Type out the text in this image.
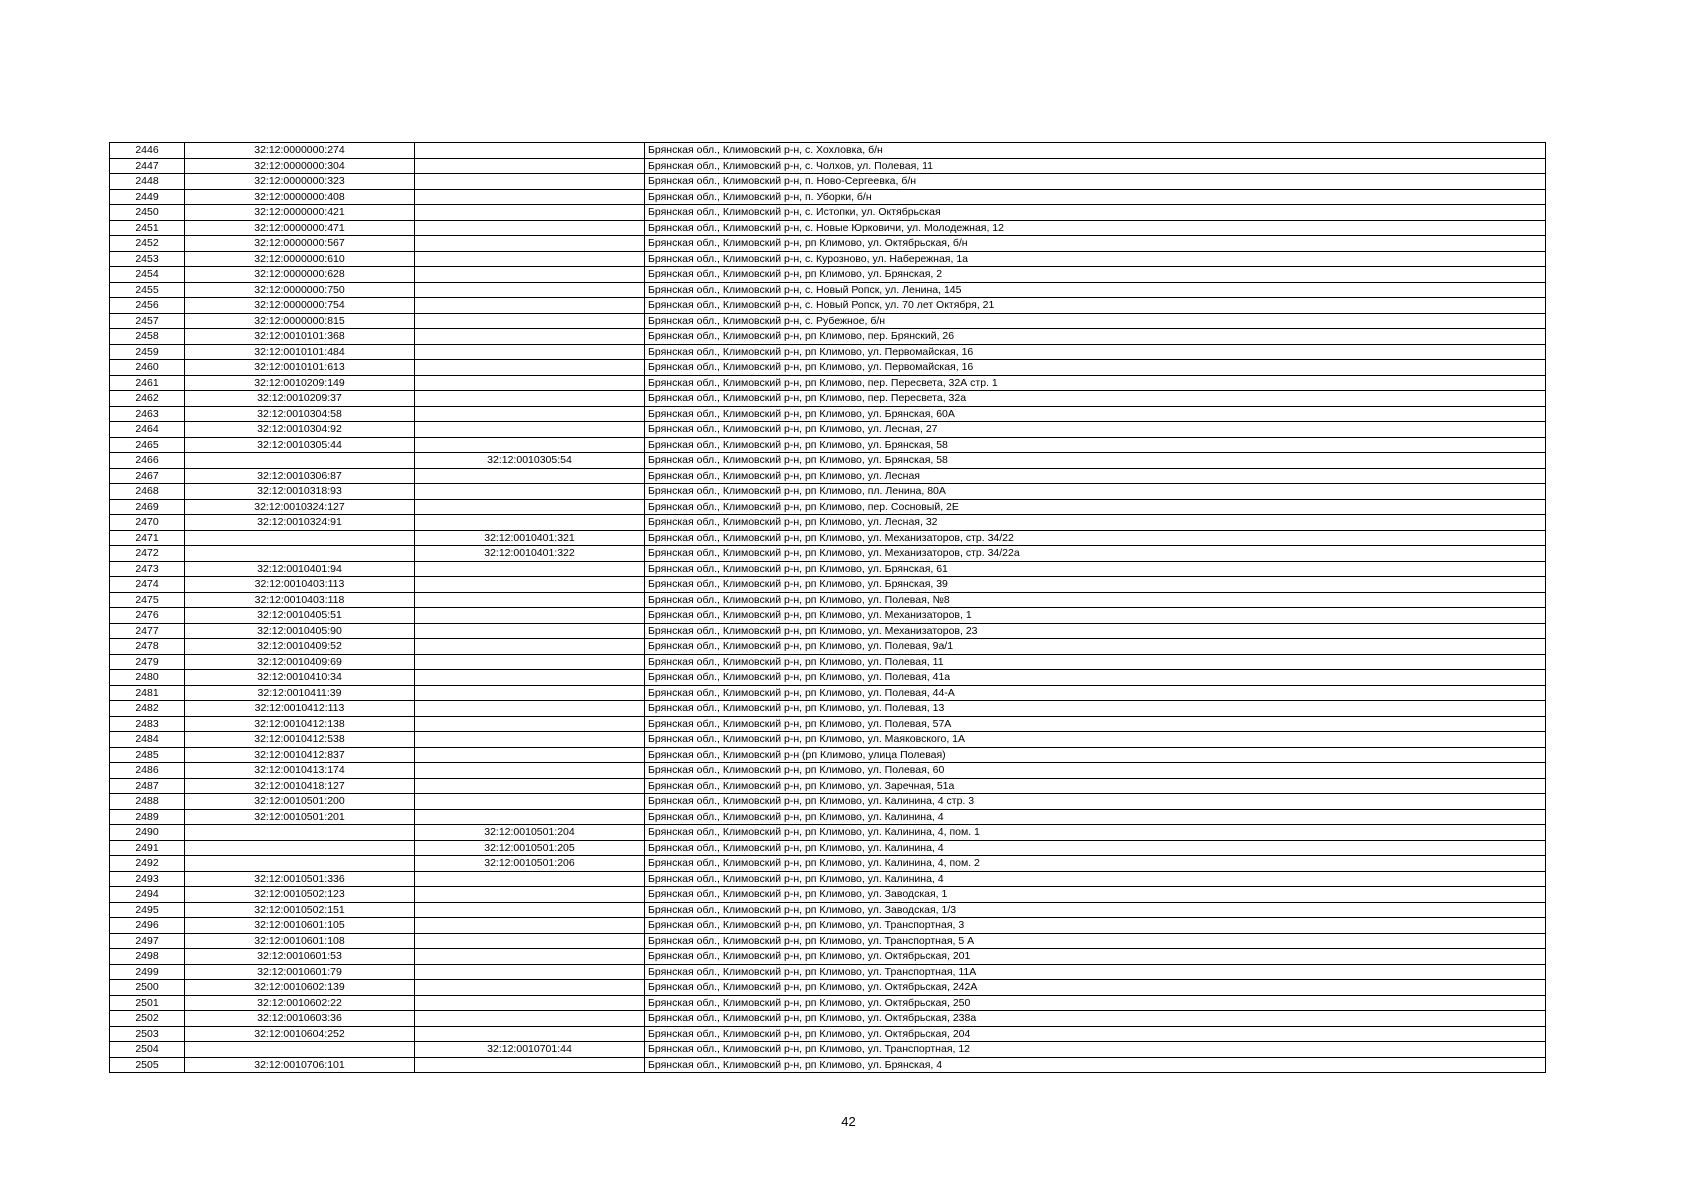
2446	32:12:0000000:274		Брянская обл., Климовский р-н, с. Хохловка, б/н
2447	32:12:0000000:304		Брянская обл., Климовский р-н, с. Чолхов, ул. Полевая, 11
2448	32:12:0000000:323		Брянская обл., Климовский р-н, п. Ново-Сергеевка, б/н
2449	32:12:0000000:408		Брянская обл., Климовский р-н, п. Уборки, б/н
2450	32:12:0000000:421		Брянская обл., Климовский р-н, с. Истопки, ул. Октябрьская
2451	32:12:0000000:471		Брянская обл., Климовский р-н, с. Новые Юрковичи, ул. Молодежная, 12
2452	32:12:0000000:567		Брянская обл., Климовский р-н, рп Климово, ул. Октябрьская, б/н
2453	32:12:0000000:610		Брянская обл., Климовский р-н, с. Курозново, ул. Набережная, 1а
2454	32:12:0000000:628		Брянская обл., Климовский р-н, рп Климово, ул. Брянская, 2
2455	32:12:0000000:750		Брянская обл., Климовский р-н, с. Новый Ропск, ул. Ленина, 145
2456	32:12:0000000:754		Брянская обл., Климовский р-н, с. Новый Ропск, ул. 70 лет Октября, 21
2457	32:12:0000000:815		Брянская обл., Климовский р-н, с. Рубежное, б/н
2458	32:12:0010101:368		Брянская обл., Климовский р-н, рп Климово, пер. Брянский, 26
2459	32:12:0010101:484		Брянская обл., Климовский р-н, рп Климово, ул. Первомайская, 16
2460	32:12:0010101:613		Брянская обл., Климовский р-н, рп Климово, ул. Первомайская, 16
2461	32:12:0010209:149		Брянская обл., Климовский р-н, рп Климово, пер. Пересвета, 32А стр. 1
2462	32:12:0010209:37		Брянская обл., Климовский р-н, рп Климово, пер. Пересвета, 32а
2463	32:12:0010304:58		Брянская обл., Климовский р-н, рп Климово, ул. Брянская, 60А
2464	32:12:0010304:92		Брянская обл., Климовский р-н, рп Климово, ул. Лесная, 27
2465	32:12:0010305:44		Брянская обл., Климовский р-н, рп Климово, ул. Брянская, 58
2466		32:12:0010305:54	Брянская обл., Климовский р-н, рп Климово, ул. Брянская, 58
2467	32:12:0010306:87		Брянская обл., Климовский р-н, рп Климово, ул. Лесная
2468	32:12:0010318:93		Брянская обл., Климовский р-н, рп Климово, пл. Ленина, 80А
2469	32:12:0010324:127		Брянская обл., Климовский р-н, рп Климово, пер. Сосновый, 2Е
2470	32:12:0010324:91		Брянская обл., Климовский р-н, рп Климово, ул. Лесная, 32
2471		32:12:0010401:321	Брянская обл., Климовский р-н, рп Климово, ул. Механизаторов, стр. 34/22
2472		32:12:0010401:322	Брянская обл., Климовский р-н, рп Климово, ул. Механизаторов, стр. 34/22а
2473	32:12:0010401:94		Брянская обл., Климовский р-н, рп Климово, ул. Брянская, 61
2474	32:12:0010403:113		Брянская обл., Климовский р-н, рп Климово, ул. Брянская, 39
2475	32:12:0010403:118		Брянская обл., Климовский р-н, рп Климово, ул. Полевая, №8
2476	32:12:0010405:51		Брянская обл., Климовский р-н, рп Климово, ул. Механизаторов, 1
2477	32:12:0010405:90		Брянская обл., Климовский р-н, рп Климово, ул. Механизаторов, 23
2478	32:12:0010409:52		Брянская обл., Климовский р-н, рп Климово, ул. Полевая, 9а/1
2479	32:12:0010409:69		Брянская обл., Климовский р-н, рп Климово, ул. Полевая, 11
2480	32:12:0010410:34		Брянская обл., Климовский р-н, рп Климово, ул. Полевая, 41а
2481	32:12:0010411:39		Брянская обл., Климовский р-н, рп Климово, ул. Полевая, 44-А
2482	32:12:0010412:113		Брянская обл., Климовский р-н, рп Климово, ул. Полевая, 13
2483	32:12:0010412:138		Брянская обл., Климовский р-н, рп Климово, ул. Полевая, 57А
2484	32:12:0010412:538		Брянская обл., Климовский р-н, рп Климово, ул. Маяковского, 1А
2485	32:12:0010412:837		Брянская обл., Климовский р-н (рп Климово, улица Полевая)
2486	32:12:0010413:174		Брянская обл., Климовский р-н, рп Климово, ул. Полевая, 60
2487	32:12:0010418:127		Брянская обл., Климовский р-н, рп Климово, ул. Заречная, 51а
2488	32:12:0010501:200		Брянская обл., Климовский р-н, рп Климово, ул. Калинина, 4 стр. 3
2489	32:12:0010501:201		Брянская обл., Климовский р-н, рп Климово, ул. Калинина, 4
2490		32:12:0010501:204	Брянская обл., Климовский р-н, рп Климово, ул. Калинина, 4, пом. 1
2491		32:12:0010501:205	Брянская обл., Климовский р-н, рп Климово, ул. Калинина, 4
2492		32:12:0010501:206	Брянская обл., Климовский р-н, рп Климово, ул. Калинина, 4, пом. 2
2493	32:12:0010501:336		Брянская обл., Климовский р-н, рп Климово, ул. Калинина, 4
2494	32:12:0010502:123		Брянская обл., Климовский р-н, рп Климово, ул. Заводская, 1
2495	32:12:0010502:151		Брянская обл., Климовский р-н, рп Климово, ул. Заводская, 1/3
2496	32:12:0010601:105		Брянская обл., Климовский р-н, рп Климово, ул. Транспортная, 3
2497	32:12:0010601:108		Брянская обл., Климовский р-н, рп Климово, ул. Транспортная, 5 А
2498	32:12:0010601:53		Брянская обл., Климовский р-н, рп Климово, ул. Октябрьская, 201
2499	32:12:0010601:79		Брянская обл., Климовский р-н, рп Климово, ул. Транспортная, 11А
2500	32:12:0010602:139		Брянская обл., Климовский р-н, рп Климово, ул. Октябрьская, 242А
2501	32:12:0010602:22		Брянская обл., Климовский р-н, рп Климово, ул. Октябрьская, 250
2502	32:12:0010603:36		Брянская обл., Климовский р-н, рп Климово, ул. Октябрьская, 238а
2503	32:12:0010604:252		Брянская обл., Климовский р-н, рп Климово, ул. Октябрьская, 204
2504		32:12:0010701:44	Брянская обл., Климовский р-н, рп Климово, ул. Транспортная, 12
2505	32:12:0010706:101		Брянская обл., Климовский р-н, рп Климово, ул. Брянская, 4
42
